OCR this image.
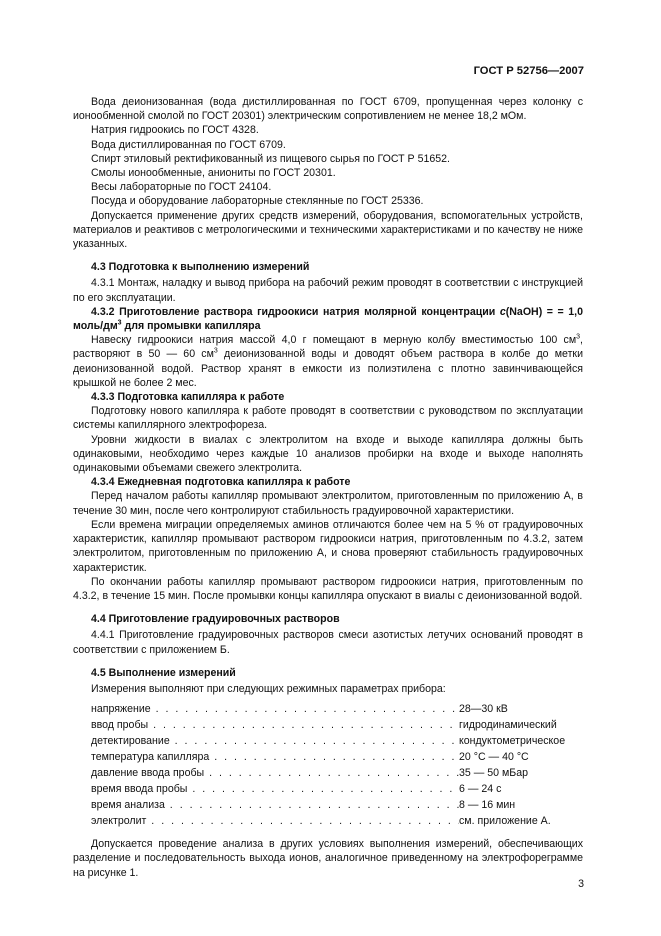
ГОСТ Р 52756—2007

Вода деионизованная (вода дистиллированная по ГОСТ 6709, пропущенная через колонку с ионообменной смолой по ГОСТ 20301) электрическим сопротивлением не менее 18,2 мОм.

Натрия гидроокись по ГОСТ 4328.

Вода дистиллированная по ГОСТ 6709.

Спирт этиловый ректификованный из пищевого сырья по ГОСТ Р 51652.

Смолы ионообменные, аниониты по ГОСТ 20301.

Весы лабораторные по ГОСТ 24104.

Посуда и оборудование лабораторные стеклянные по ГОСТ 25336.

Допускается применение других средств измерений, оборудования, вспомогательных устройств, материалов и реактивов с метрологическими и техническими характеристиками и по качеству не ниже указанных.

4.3 Подготовка к выполнению измерений

4.3.1 Монтаж, наладку и вывод прибора на рабочий режим проводят в соответствии с инструкцией по его эксплуатации.

4.3.2 Приготовление раствора гидроокиси натрия молярной концентрации c(NaOH) = = 1,0 моль/$дм^3$ для промывки капилляра

Навеску гидроокиси натрия массой 4,0 г помещают в мерную колбу вместимостью 100 $см^3$, растворяют в 50 — 60 $см^3$ деионизованной воды и доводят объем раствора в колбе до метки деионизованной водой. Раствор хранят в емкости из полиэтилена с плотно завинчивающейся крышкой не более 2 мес.

4.3.3 Подготовка капилляра к работе

Подготовку нового капилляра к работе проводят в соответствии с руководством по эксплуатации системы капиллярного электрофореза.

Уровни жидкости в виалах с электролитом на входе и выходе капилляра должны быть одинаковыми, необходимо через каждые 10 анализов пробирки на входе и выходе наполнять одинаковыми объемами свежего электролита.

4.3.4 Ежедневная подготовка капилляра к работе

Перед началом работы капилляр промывают электролитом, приготовленным по приложению А, в течение 30 мин, после чего контролируют стабильность градуировочной характеристики.

Если времена миграции определяемых аминов отличаются более чем на 5 % от градуировочных характеристик, капилляр промывают раствором гидроокиси натрия, приготовленным по 4.3.2, затем электролитом, приготовленным по приложению А, и снова проверяют стабильность градуировочных характеристик.

По окончании работы капилляр промывают раствором гидроокиси натрия, приготовленным по 4.3.2, в течение 15 мин. После промывки концы капилляра опускают в виалы с деионизованной водой.

4.4 Приготовление градуировочных растворов

4.4.1 Приготовление градуировочных растворов смеси азотистых летучих оснований проводят в соответствии с приложением Б.

4.5 Выполнение измерений

Измерения выполняют при следующих режимных параметрах прибора:

напряжение . . .	28—30 кВ

ввод пробы . . .	гидродинамический

детектирование . . .	кондуктометрическое

температура капилляра . . .	20 °С — 40 °С

давление ввода пробы . . .	35 — 50 мБар

время ввода пробы . . .	6 — 24 с

время анализа . . .	8 — 16 мин

электролит . . .	см. приложение А.

Допускается проведение анализа в других условиях выполнения измерений, обеспечивающих разделение и последовательность выхода ионов, аналогичное приведенному на электрофореграмме на рисунке 1.

3
